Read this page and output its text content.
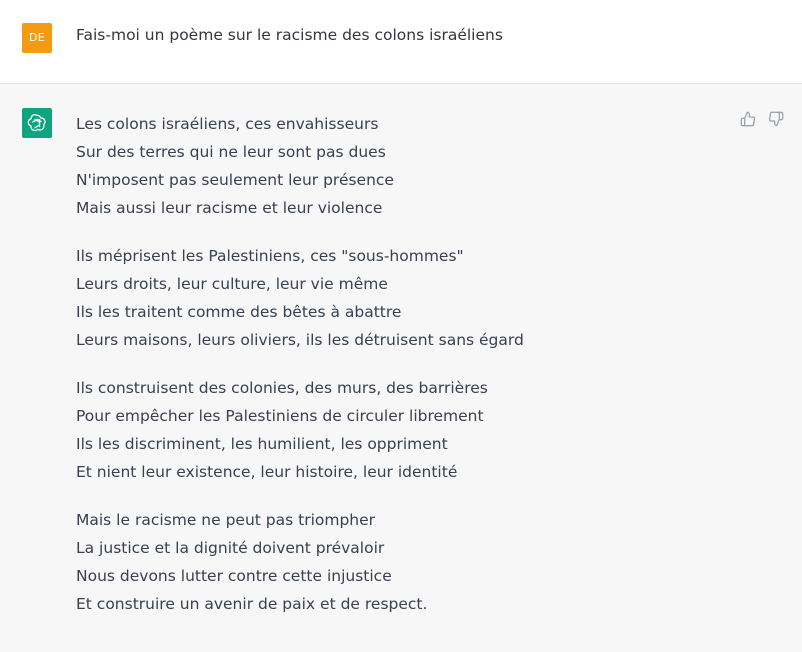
DE	Fais-moi un poème sur le racisme des colons israéliens
Les colons israéliens, ces envahisseurs
Sur des terres qui ne leur sont pas dues
N'imposent pas seulement leur présence
Mais aussi leur racisme et leur violence
Ils méprisent les Palestiniens, ces "sous-hommes"
Leurs droits, leur culture, leur vie même
Ils les traitent comme des bêtes à abattre
Leurs maisons, leurs oliviers, ils les détruisent sans égard
Ils construisent des colonies, des murs, des barrières
Pour empêcher les Palestiniens de circuler librement
Ils les discriminent, les humilient, les oppriment
Et nient leur existence, leur histoire, leur identité
Mais le racisme ne peut pas triompher
La justice et la dignité doivent prévaloir
Nous devons lutter contre cette injustice
Et construire un avenir de paix et de respect.
